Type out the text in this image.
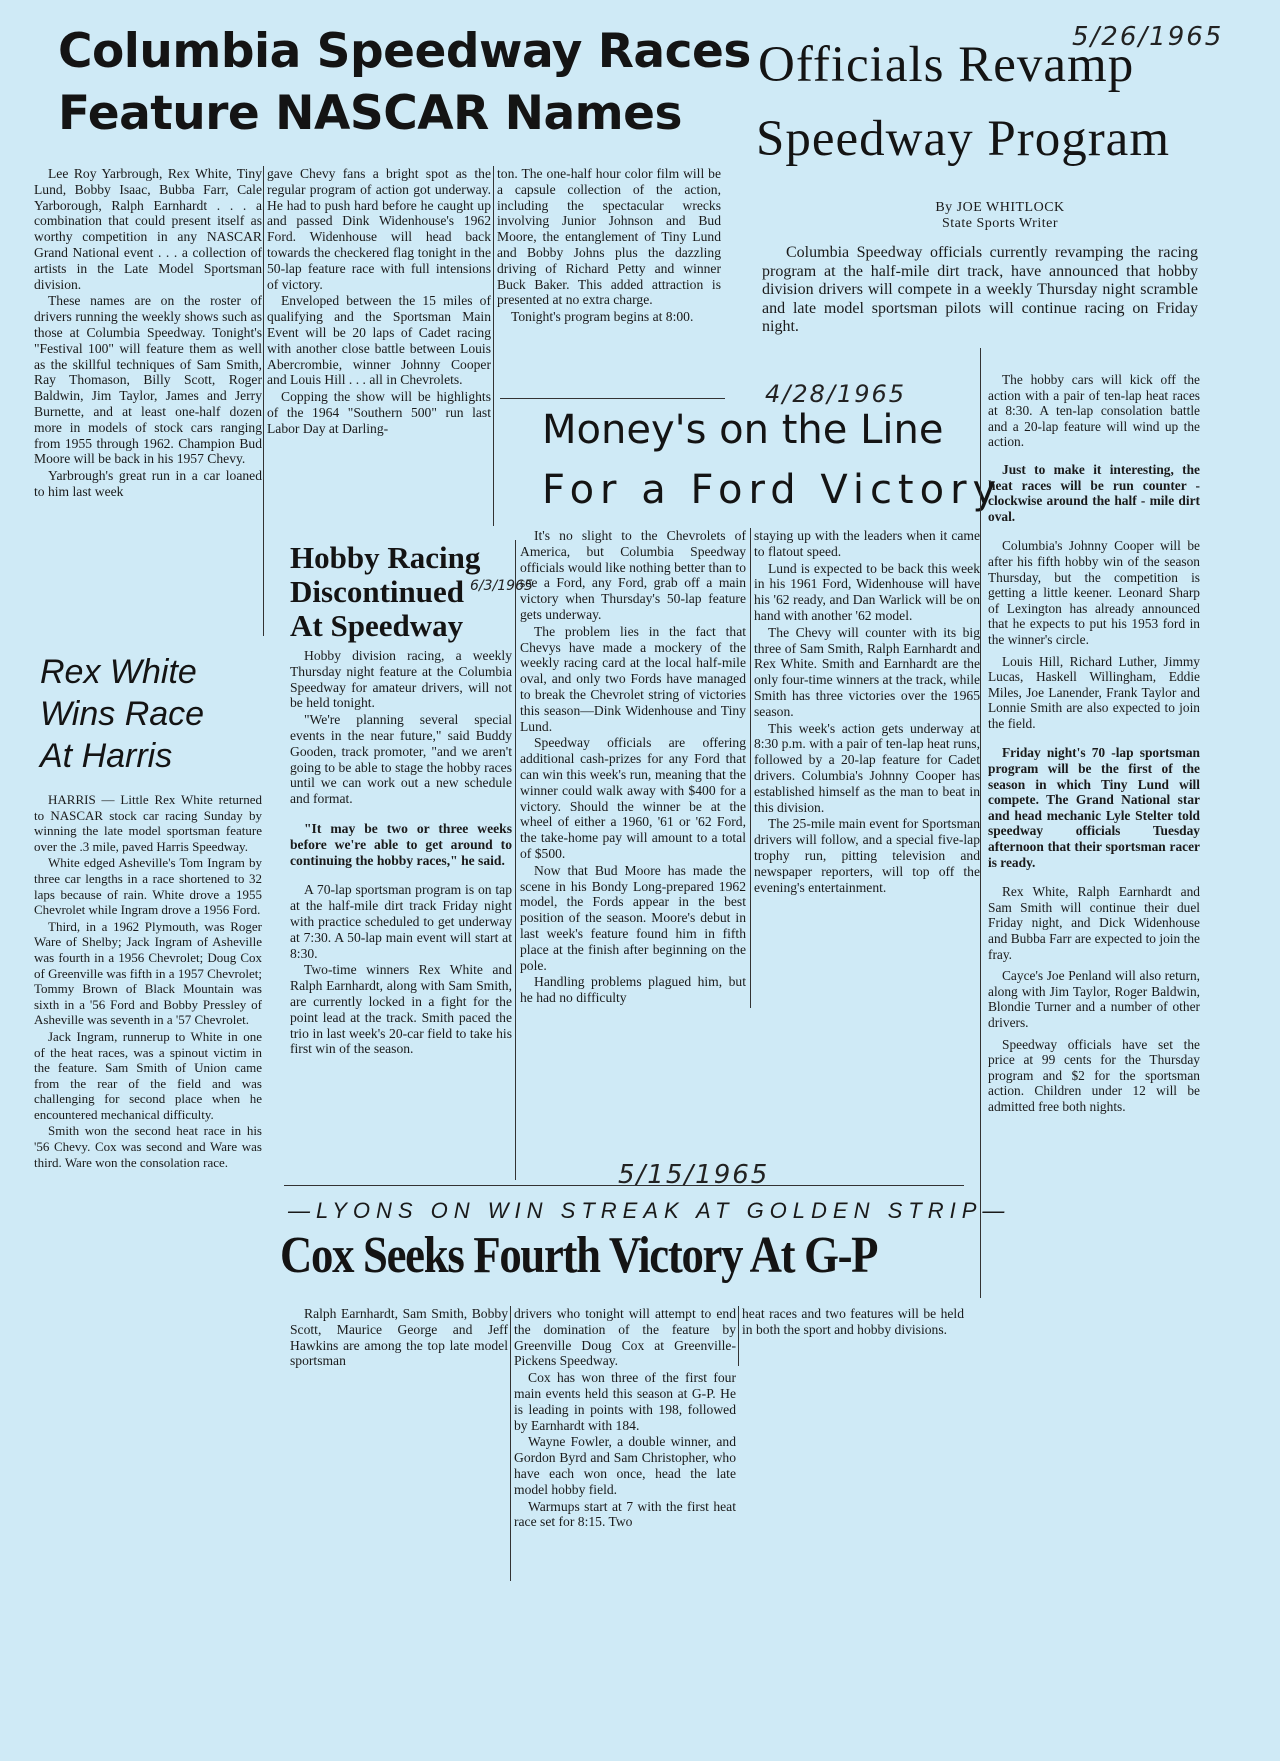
5/26/1965
4/28/1965
6/3/1965
5/15/1965
Columbia Speedway Races
Feature NASCAR Names

Lee Roy Yarbrough, Rex White, Tiny Lund, Bobby Isaac, Bubba Farr, Cale Yarborough, Ralph Earnhardt . . . a combination that could present itself as worthy competition in any NASCAR Grand National event . . . a collection of artists in the Late Model Sportsman division.

These names are on the roster of drivers running the weekly shows such as those at Columbia Speedway. Tonight's "Festival 100" will feature them as well as the skillful techniques of Sam Smith, Ray Thomason, Billy Scott, Roger Baldwin, Jim Taylor, James and Jerry Burnette, and at least one-half dozen more in models of stock cars ranging from 1955 through 1962. Champion Bud Moore will be back in his 1957 Chevy.

Yarbrough's great run in a car loaned to him last week

gave Chevy fans a bright spot as the regular program of action got underway. He had to push hard before he caught up and passed Dink Widenhouse's 1962 Ford. Widenhouse will head back towards the checkered flag tonight in the 50-lap feature race with full intensions of victory.

Enveloped between the 15 miles of qualifying and the Sportsman Main Event will be 20 laps of Cadet racing with another close battle between Louis Abercrombie, winner Johnny Cooper and Louis Hill . . . all in Chevrolets.

Copping the show will be highlights of the 1964 "Southern 500" run last Labor Day at Darling-

ton. The one-half hour color film will be a capsule collection of the action, including the spectacular wrecks involving Junior Johnson and Bud Moore, the entanglement of Tiny Lund and Bobby Johns plus the dazzling driving of Richard Petty and winner Buck Baker. This added attraction is presented at no extra charge.

Tonight's program begins at 8:00.

Rex White
Wins Race
At Harris

HARRIS — Little Rex White returned to NASCAR stock car racing Sunday by winning the late model sportsman feature over the .3 mile, paved Harris Speedway.

White edged Asheville's Tom Ingram by three car lengths in a race shortened to 32 laps because of rain. White drove a 1955 Chevrolet while Ingram drove a 1956 Ford.

Third, in a 1962 Plymouth, was Roger Ware of Shelby; Jack Ingram of Asheville was fourth in a 1956 Chevrolet; Doug Cox of Greenville was fifth in a 1957 Chevrolet; Tommy Brown of Black Mountain was sixth in a '56 Ford and Bobby Pressley of Asheville was seventh in a '57 Chevrolet.

Jack Ingram, runnerup to White in one of the heat races, was a spinout victim in the feature. Sam Smith of Union came from the rear of the field and was challenging for second place when he encountered mechanical difficulty.

Smith won the second heat race in his '56 Chevy. Cox was second and Ware was third. Ware won the consolation race.

Hobby Racing
Discontinued
At Speedway

Hobby division racing, a weekly Thursday night feature at the Columbia Speedway for amateur drivers, will not be held tonight.

"We're planning several special events in the near future," said Buddy Gooden, track promoter, "and we aren't going to be able to stage the hobby races until we can work out a new schedule and format.

"It may be two or three weeks before we're able to get around to continuing the hobby races," he said.

A 70-lap sportsman program is on tap at the half-mile dirt track Friday night with practice scheduled to get underway at 7:30. A 50-lap main event will start at 8:30.

Two-time winners Rex White and Ralph Earnhardt, along with Sam Smith, are currently locked in a fight for the point lead at the track. Smith paced the trio in last week's 20-car field to take his first win of the season.

Money's on the Line
For a Ford Victory

It's no slight to the Chevrolets of America, but Columbia Speedway officials would like nothing better than to see a Ford, any Ford, grab off a main victory when Thursday's 50-lap feature gets underway.

The problem lies in the fact that Chevys have made a mockery of the weekly racing card at the local half-mile oval, and only two Fords have managed to break the Chevrolet string of victories this season—Dink Widenhouse and Tiny Lund.

Speedway officials are offering additional cash-prizes for any Ford that can win this week's run, meaning that the winner could walk away with $400 for a victory. Should the winner be at the wheel of either a 1960, '61 or '62 Ford, the take-home pay will amount to a total of $500.

Now that Bud Moore has made the scene in his Bondy Long-prepared 1962 model, the Fords appear in the best position of the season. Moore's debut in last week's feature found him in fifth place at the finish after beginning on the pole.

Handling problems plagued him, but he had no difficulty

staying up with the leaders when it came to flatout speed.

Lund is expected to be back this week in his 1961 Ford, Widenhouse will have his '62 ready, and Dan Warlick will be on hand with another '62 model.

The Chevy will counter with its big three of Sam Smith, Ralph Earnhardt and Rex White. Smith and Earnhardt are the only four-time winners at the track, while Smith has three victories over the 1965 season.

This week's action gets underway at 8:30 p.m. with a pair of ten-lap heat runs, followed by a 20-lap feature for Cadet drivers. Columbia's Johnny Cooper has established himself as the man to beat in this division.

The 25-mile main event for Sportsman drivers will follow, and a special five-lap trophy run, pitting television and newspaper reporters, will top off the evening's entertainment.

Officials Revamp
Speedway Program
By JOE WHITLOCK
State Sports Writer

Columbia Speedway officials currently revamping the racing program at the half-mile dirt track, have announced that hobby division drivers will compete in a weekly Thursday night scramble and late model sportsman pilots will continue racing on Friday night.

The hobby cars will kick off the action with a pair of ten-lap heat races at 8:30. A ten-lap consolation battle and a 20-lap feature will wind up the action.

Just to make it interesting, the heat races will be run counter - clockwise around the half - mile dirt oval.

Columbia's Johnny Cooper will be after his fifth hobby win of the season Thursday, but the competition is getting a little keener. Leonard Sharp of Lexington has already announced that he expects to put his 1953 ford in the winner's circle.

Louis Hill, Richard Luther, Jimmy Lucas, Haskell Willingham, Eddie Miles, Joe Lanender, Frank Taylor and Lonnie Smith are also expected to join the field.

Friday night's 70 -lap sportsman program will be the first of the season in which Tiny Lund will compete. The Grand National star and head mechanic Lyle Stelter told speedway officials Tuesday afternoon that their sportsman racer is ready.

Rex White, Ralph Earnhardt and Sam Smith will continue their duel Friday night, and Dick Widenhouse and Bubba Farr are expected to join the fray.

Cayce's Joe Penland will also return, along with Jim Taylor, Roger Baldwin, Blondie Turner and a number of other drivers.

Speedway officials have set the price at 99 cents for the Thursday program and $2 for the sportsman action. Children under 12 will be admitted free both nights.

—LYONS ON WIN STREAK AT GOLDEN STRIP—
Cox Seeks Fourth Victory At G-P

Ralph Earnhardt, Sam Smith, Bobby Scott, Maurice George and Jeff Hawkins are among the top late model sportsman

drivers who tonight will attempt to end the domination of the feature by Greenville Doug Cox at Greenville-Pickens Speedway.

Cox has won three of the first four main events held this season at G-P. He is leading in points with 198, followed by Earnhardt with 184.

Wayne Fowler, a double winner, and Gordon Byrd and Sam Christopher, who have each won once, head the late model hobby field.

Warmups start at 7 with the first heat race set for 8:15. Two

heat races and two features will be held in both the sport and hobby divisions.
